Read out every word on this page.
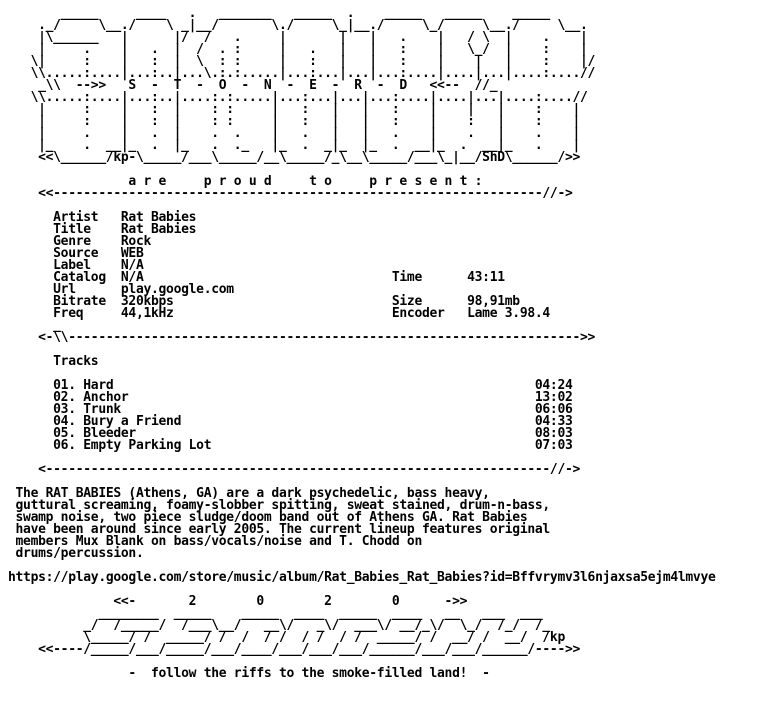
_____     ____   .   _______   _____  .    _____   _____    _____
._/     \__./    \ _|__/       \./     \_|__./     \_/     \__./     \__.
|\______   |      |/  /   .     |       |   |   .    |   / \  |    .    |
|     .    |   .  |  /  . :     |   .   |   |   :    |   \_/  |    :    |
\|     :    |   :  |  \  : :     |   :   |   |   :    |    |   |    :    |/
\\.....:....|...:..|...\.:.:.....|...:...|...|...:....|....|...|....:....//
_\\  -->>   S  -  T  -  O  -  N  -  E  -  R  -  D   <<--  //_
\\.....:....|...:..|....:.:.....|...:...|...|...:....|....|...|....:....//
|     :    |   :  |    : :     |   :   |   |   :    |    |   |    :    |
|     :    |   :  |    : :     |   :   |   |   :    |    :   |    :    |
|     .    |   .  |    .  .    |   .   |   |   .    |    .   |    .    |
|_    .  __|_  .  |_   .  ._   |_  .  _|_  |_  .  __|_  .  __|_   .    |
<<\______/kp-\_____/___\_____/__\_____/_\__\_____/___\_|__/ShD\______/>>
a r e     p r o u d     t o     p r e s e n t :
<<-----------------------------------------------------------------//->
Artist   Rat Babies
Title    Rat Babies
Genre    Rock
Source   WEB
Label    N/A
Catalog  N/A                                 Time      43:11
Url      play.google.com
Bitrate  320kbps                             Size      98,91mb
Freq     44,1kHz                             Encoder   Lame 3.98.4
_
<-\\-------------------------------------------------------------------->>
Tracks
01. Hard                                                        04:24
02. Anchor                                                      13:02
03. Trunk                                                       06:06
04. Bury a Friend                                               04:33
05. Bleeder                                                     08:03
06. Empty Parking Lot                                           07:03
<-------------------------------------------------------------------//->
The RAT BABIES (Athens, GA) are a dark psychedelic, bass heavy,
guttural screaming, foamy-slobber spitting, sweat stained, drum-n-bass,
swamp noise, two piece sludge/doom band out of Athens GA. Rat Babies
have been around since early 2005. The current lineup features original
members Mux Blank on bass/vocals/noise and T. Chodd on
drums/percussion.
https://play.google.com/store/music/album/Rat_Babies_Rat_Babies?id=Bffvrymv3l6njaxsa5ejm4lmvye
<<-       2        0        2        0      ->>
________  _____    _____  ____  _____  ____   __   ___  ___
_/  /_____/  /___\__/   __\/   _\/  ___\/ __/_\/  \_/  /_/  /_
\_____/ /  _____/ /  /  / /  / /  / /  _____/ /  __/ /  __/  /kp
<<----/_____/___/_____/___/____/___/___/___/______/___/___/______/---->>
-  follow the riffs to the smoke-filled land!  -
